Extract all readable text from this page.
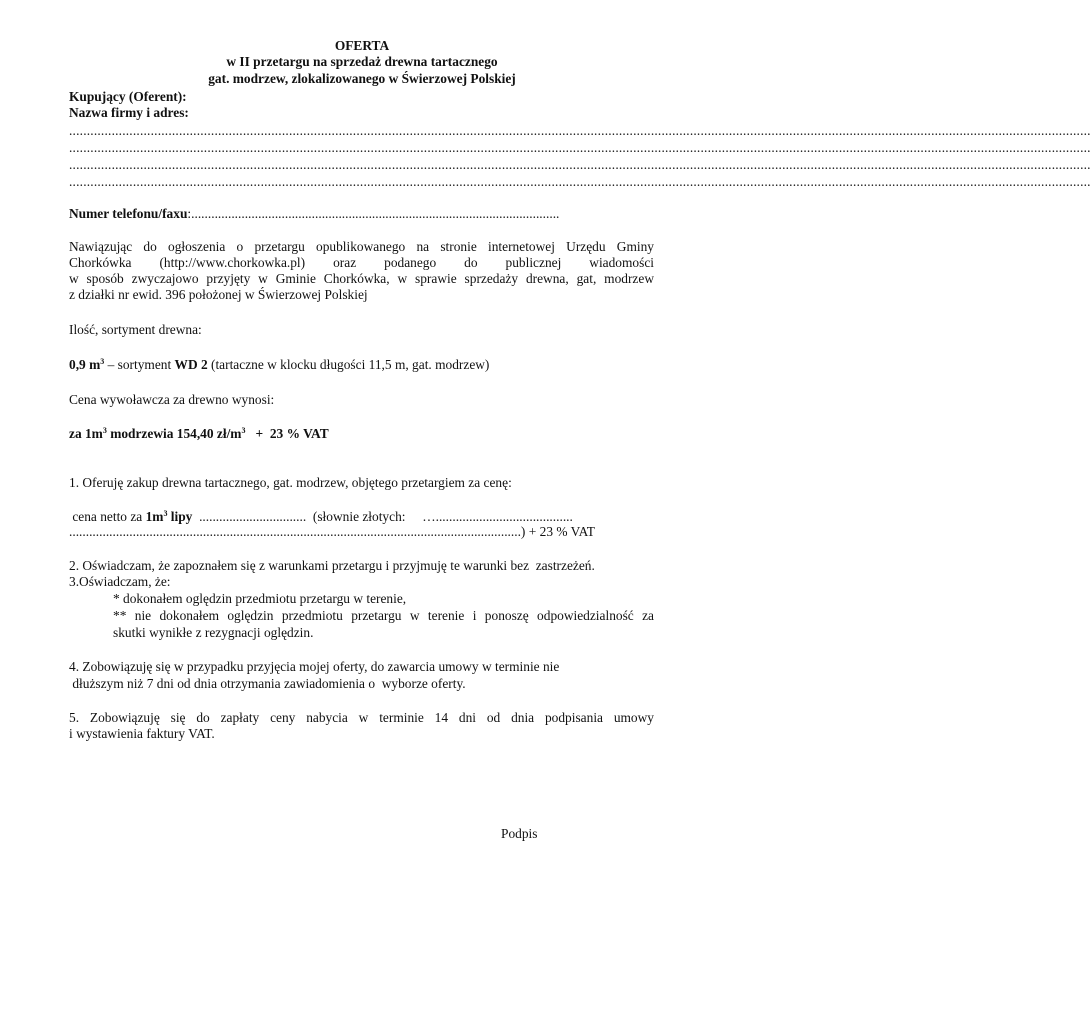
OFERTA
w II przetargu na sprzedaż drewna tartacznego
gat. modrzew, zlokalizowanego w Świerzowej Polskiej
Kupujący (Oferent):
Nazwa firmy i adres:
................................................................................................................................................................................................................................................................................................
................................................................................................................................................................................................................................................................................................
................................................................................................................................................................................................................................................................................................
................................................................................................................................................................................................................................................................................................
Numer telefonu/faxu:..............................................................................................................
Nawiązując do ogłoszenia o przetargu opublikowanego na stronie internetowej Urzędu Gminy
Chorkówka (http://www.chorkowka.pl) oraz podanego do publicznej wiadomości
w sposób zwyczajowo przyjęty w Gminie Chorkówka, w sprawie sprzedaży drewna, gat, modrzew
z działki nr ewid. 396 położonej w Świerzowej Polskiej
Ilość, sortyment drewna:
0,9 $m^3$ – sortyment WD 2 (tartaczne w klocku długości 11,5 m, gat. modrzew)
Cena wywoławcza za drewno wynosi:
za $1m^3$ modrzewia 154,40 $zł/m^3 + 23$ % VAT
1. Oferuję zakup drewna tartacznego, gat. modrzew, objętego przetargiem za cenę:
cena netto za $1m^3$ lipy  ................................  (słownie złotych:     ….........................................
.......................................................................................................................................) + 23 % VAT
2. Oświadczam, że zapoznałem się z warunkami przetargu i przyjmuję te warunki bez  zastrzeżeń.
3.Oświadczam, że:
* dokonałem oględzin przedmiotu przetargu w terenie,
** nie dokonałem oględzin przedmiotu przetargu w terenie i ponoszę odpowiedzialność za
skutki wynikłe z rezygnacji oględzin.
4. Zobowiązuję się w przypadku przyjęcia mojej oferty, do zawarcia umowy w terminie nie
dłuższym niż 7 dni od dnia otrzymania zawiadomienia o  wyborze oferty.
5. Zobowiązuję się do zapłaty ceny nabycia w terminie 14 dni od dnia podpisania umowy
i wystawienia faktury VAT.
Podpis
